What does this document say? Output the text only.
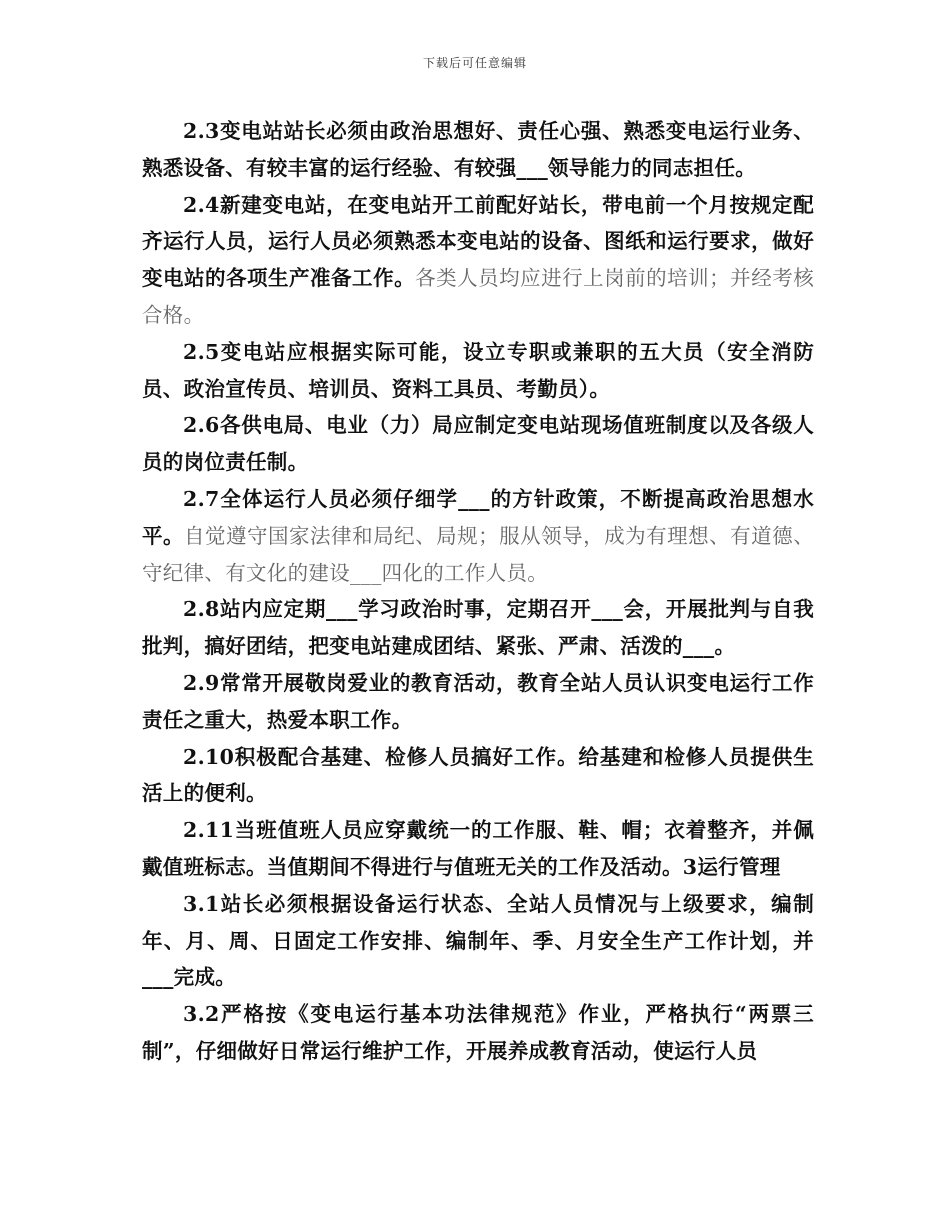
下载后可任意编辑

2.3变电站站长必须由政治思想好、责任心强、熟悉变电运行业务、熟悉设备、有较丰富的运行经验、有较强___领导能力的同志担任。

2.4新建变电站，在变电站开工前配好站长，带电前一个月按规定配齐运行人员，运行人员必须熟悉本变电站的设备、图纸和运行要求，做好变电站的各项生产准备工作。各类人员均应进行上岗前的培训；并经考核合格。

2.5变电站应根据实际可能，设立专职或兼职的五大员（安全消防员、政治宣传员、培训员、资料工具员、考勤员）。

2.6各供电局、电业（力）局应制定变电站现场值班制度以及各级人员的岗位责任制。

2.7全体运行人员必须仔细学___的方针政策，不断提高政治思想水平。自觉遵守国家法律和局纪、局规；服从领导，成为有理想、有道德、守纪律、有文化的建设___四化的工作人员。

2.8站内应定期___学习政治时事，定期召开___会，开展批判与自我批判，搞好团结，把变电站建成团结、紧张、严肃、活泼的___。

2.9常常开展敬岗爱业的教育活动，教育全站人员认识变电运行工作责任之重大，热爱本职工作。

2.10积极配合基建、检修人员搞好工作。给基建和检修人员提供生活上的便利。

2.11当班值班人员应穿戴统一的工作服、鞋、帽；衣着整齐，并佩戴值班标志。当值期间不得进行与值班无关的工作及活动。3运行管理

3.1站长必须根据设备运行状态、全站人员情况与上级要求，编制年、月、周、日固定工作安排、编制年、季、月安全生产工作计划，并___完成。

3.2严格按《变电运行基本功法律规范》作业，严格执行“两票三制”，仔细做好日常运行维护工作，开展养成教育活动，使运行人员
